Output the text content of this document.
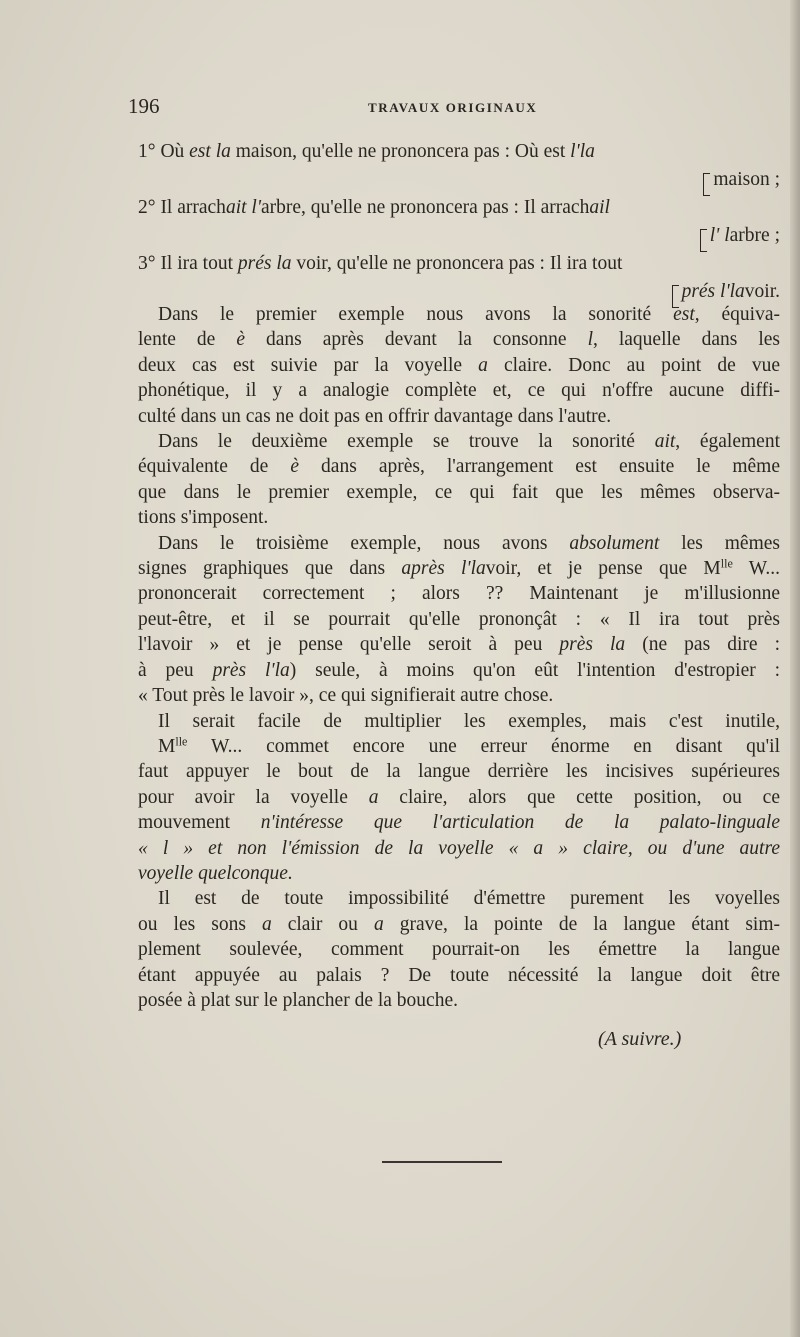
196	TRAVAUX ORIGINAUX
1° Où est la maison, qu'elle ne prononcera pas : Où est l'la
maison ;
2° Il arrachait l'arbre, qu'elle ne prononcera pas : Il arrachail
l' larbre ;
3° Il ira tout prés la voir, qu'elle ne prononcera pas : Il ira tout
prés l'lavoir.
Dans le premier exemple nous avons la sonorité est, équiva-
lente de è dans après devant la consonne l, laquelle dans les
deux cas est suivie par la voyelle a claire. Donc au point de vue
phonétique, il y a analogie complète et, ce qui n'offre aucune diffi-
culté dans un cas ne doit pas en offrir davantage dans l'autre.
Dans le deuxième exemple se trouve la sonorité ait, également
équivalente de è dans après, l'arrangement est ensuite le même
que dans le premier exemple, ce qui fait que les mêmes observa-
tions s'imposent.
Dans le troisième exemple, nous avons absolument les mêmes
signes graphiques que dans après l'lavoir, et je pense que $M^{lle}$ W...
prononcerait correctement ; alors ?? Maintenant je m'illusionne
peut-être, et il se pourrait qu'elle prononçât : « Il ira tout près
l'lavoir » et je pense qu'elle seroit à peu près la (ne pas dire :
à peu près l'la) seule, à moins qu'on eût l'intention d'estropier :
« Tout près le lavoir », ce qui signifierait autre chose.
Il serait facile de multiplier les exemples, mais c'est inutile,
$M^{lle}$ W... commet encore une erreur énorme en disant qu'il
faut appuyer le bout de la langue derrière les incisives supérieures
pour avoir la voyelle a claire, alors que cette position, ou ce
mouvement n'intéresse que l'articulation de la palato-linguale
« l » et non l'émission de la voyelle « a » claire, ou d'une autre
voyelle quelconque.
Il est de toute impossibilité d'émettre purement les voyelles
ou les sons a clair ou a grave, la pointe de la langue étant sim-
plement soulevée, comment pourrait-on les émettre la langue
étant appuyée au palais ? De toute nécessité la langue doit être
posée à plat sur le plancher de la bouche.
(A suivre.)
